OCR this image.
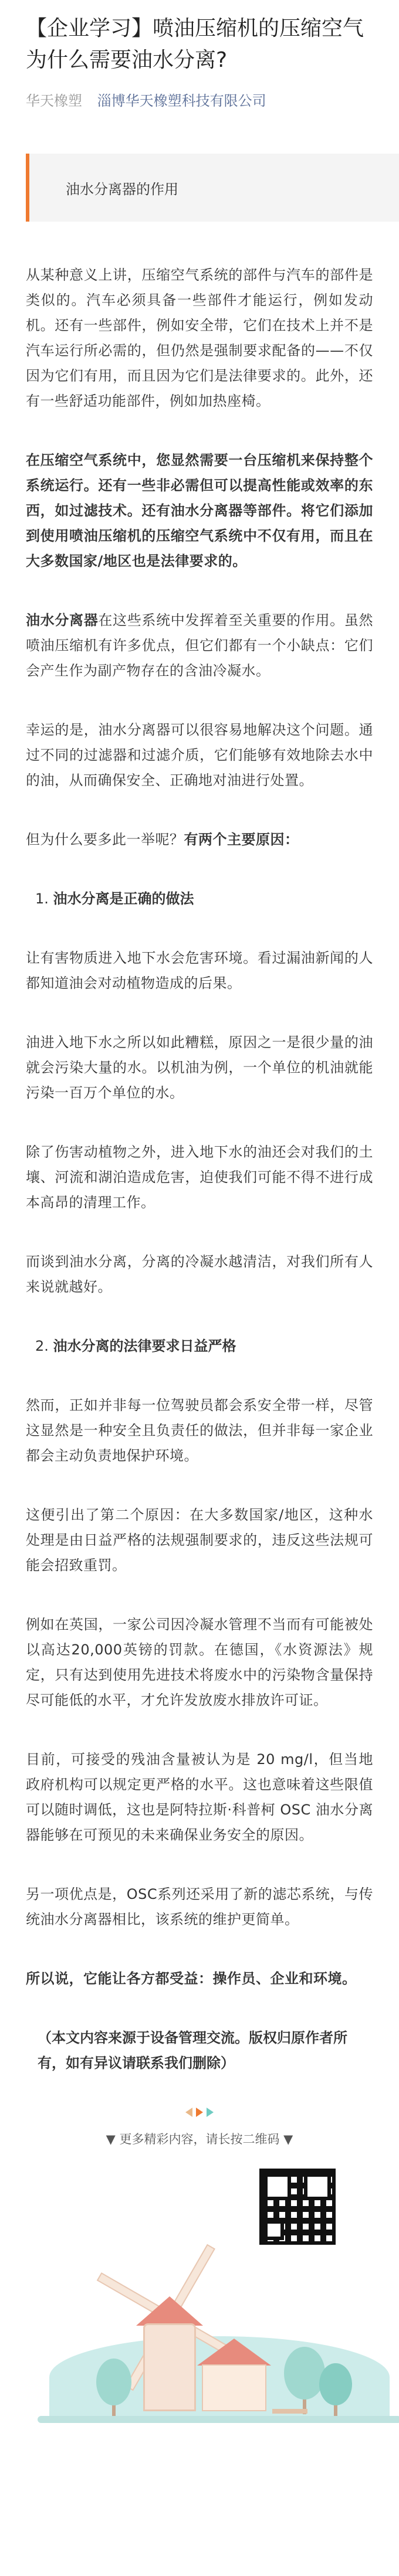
【企业学习】喷油压缩机的压缩空气为什么需要油水分离?
华天橡塑 淄博华天橡塑科技有限公司
油水分离器的作用

从某种意义上讲，压缩空气系统的部件与汽车的部件是类似的。汽车必须具备一些部件才能运行，例如发动机。还有一些部件，例如安全带，它们在技术上并不是汽车运行所必需的，但仍然是强制要求配备的——不仅因为它们有用，而且因为它们是法律要求的。此外，还有一些舒适功能部件，例如加热座椅。

在压缩空气系统中，您显然需要一台压缩机来保持整个系统运行。还有一些非必需但可以提高性能或效率的东西，如过滤技术。还有油水分离器等部件。将它们添加到使用喷油压缩机的压缩空气系统中不仅有用，而且在大多数国家/地区也是法律要求的。

油水分离器在这些系统中发挥着至关重要的作用。虽然喷油压缩机有许多优点，但它们都有一个小缺点：它们会产生作为副产物存在的含油冷凝水。

幸运的是，油水分离器可以很容易地解决这个问题。通过不同的过滤器和过滤介质，它们能够有效地除去水中的油，从而确保安全、正确地对油进行处置。

但为什么要多此一举呢？有两个主要原因：

1. 油水分离是正确的做法

让有害物质进入地下水会危害环境。看过漏油新闻的人都知道油会对动植物造成的后果。

油进入地下水之所以如此糟糕，原因之一是很少量的油就会污染大量的水。以机油为例，一个单位的机油就能污染一百万个单位的水。

除了伤害动植物之外，进入地下水的油还会对我们的土壤、河流和湖泊造成危害，迫使我们可能不得不进行成本高昂的清理工作。

而谈到油水分离，分离的冷凝水越清洁，对我们所有人来说就越好。

2. 油水分离的法律要求日益严格

然而，正如并非每一位驾驶员都会系安全带一样，尽管这显然是一种安全且负责任的做法，但并非每一家企业都会主动负责地保护环境。

这便引出了第二个原因：在大多数国家/地区，这种水处理是由日益严格的法规强制要求的，违反这些法规可能会招致重罚。

例如在英国，一家公司因冷凝水管理不当而有可能被处以高达20,000英镑的罚款。在德国，《水资源法》规定，只有达到使用先进技术将废水中的污染物含量保持尽可能低的水平，才允许发放废水排放许可证。

目前，可接受的残油含量被认为是 20 mg/l，但当地政府机构可以规定更严格的水平。这也意味着这些限值可以随时调低，这也是阿特拉斯·科普柯 OSC 油水分离器能够在可预见的未来确保业务安全的原因。

另一项优点是，OSC系列还采用了新的滤芯系统，与传统油水分离器相比，该系统的维护更简单。

所以说，它能让各方都受益：操作员、企业和环境。

（本文内容来源于设备管理交流。版权归原作者所有，如有异议请联系我们删除）

▼ 更多精彩内容，请长按二维码 ▼
